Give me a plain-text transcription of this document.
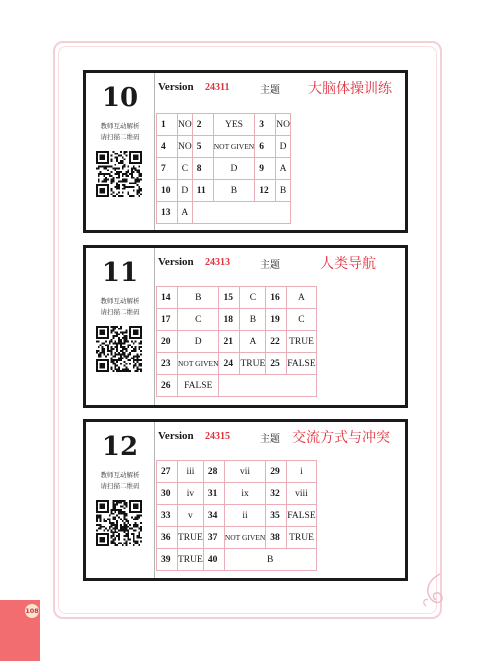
10
教师互动解析
请扫描二维码
Version 24311	主题 大脑体操训练
1	NO	2	YES	3	NO
4	NO	5	NOT GIVEN	6	D
7	C	8	D	9	A
10	D	11	B	12	B
13	A				
11
教师互动解析
请扫描二维码
Version 24313	主题	人类导航
14	B	15	C	16	A
17	C	18	B	19	C
20	D	21	A	22	TRUE
23	NOT GIVEN	24	TRUE	25	FALSE
26	FALSE				
12
教师互动解析
请扫描二维码
Version 24315	主题 交流方式与冲突
27	iii	28	vii	29	i
30	iv	31	ix	32	viii
33	v	34	ii	35	FALSE
36	TRUE	37	NOT GIVEN	38	TRUE
39	TRUE	40	B		
108
